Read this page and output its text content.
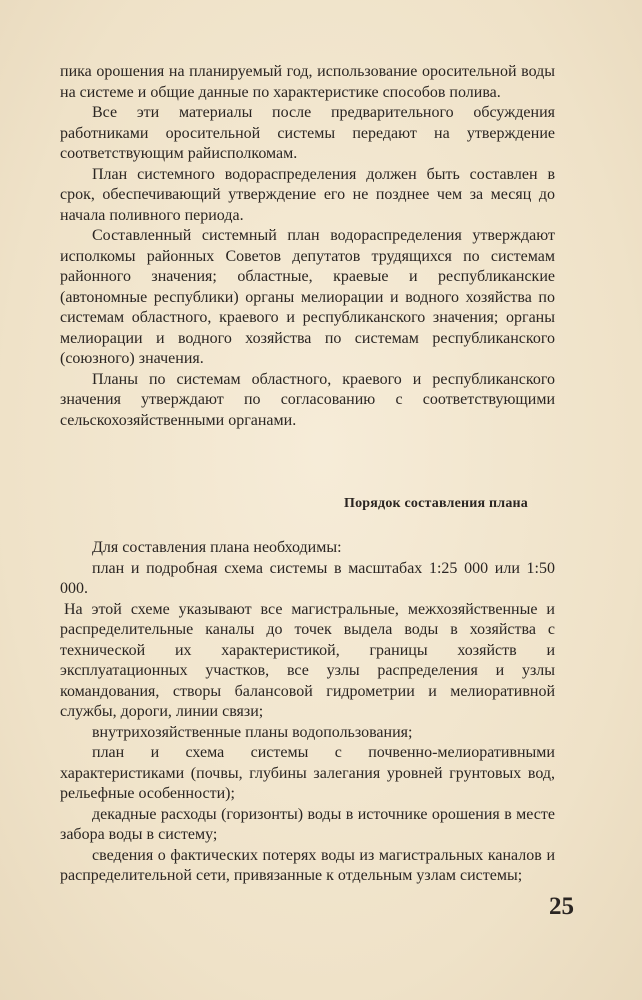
пика орошения на планируемый год, использование оросительной воды на системе и общие данные по характеристике способов полива.

Все эти материалы после предварительного обсуждения работниками оросительной системы передают на утверждение соответствующим райисполкомам.

План системного водораспределения должен быть составлен в срок, обеспечивающий утверждение его не позднее чем за месяц до начала поливного периода.

Составленный системный план водораспределения утверждают исполкомы районных Советов депутатов трудящихся по системам районного значения; областные, краевые и республиканские (автономные республики) органы мелиорации и водного хозяйства по системам областного, краевого и республиканского значения; органы мелиорации и водного хозяйства по системам республиканского (союзного) значения.

Планы по системам областного, краевого и республиканского значения утверждают по согласованию с соответствующими сельскохозяйственными органами.

Порядок составления плана

Для составления плана необходимы:

план и подробная схема системы в масштабах 1:25 000 или 1:50 000.

На этой схеме указывают все магистральные, межхозяйственные и распределительные каналы до точек выдела воды в хозяйства с технической их характеристикой, границы хозяйств и эксплуатационных участков, все узлы распределения и узлы командования, створы балансовой гидрометрии и мелиоративной службы, дороги, линии связи;

внутрихозяйственные планы водопользования;

план и схема системы с почвенно-мелиоративными характеристиками (почвы, глубины залегания уровней грунтовых вод, рельефные особенности);

декадные расходы (горизонты) воды в источнике орошения в месте забора воды в систему;

сведения о фактических потерях воды из магистральных каналов и распределительной сети, привязанные к отдельным узлам системы;

25
